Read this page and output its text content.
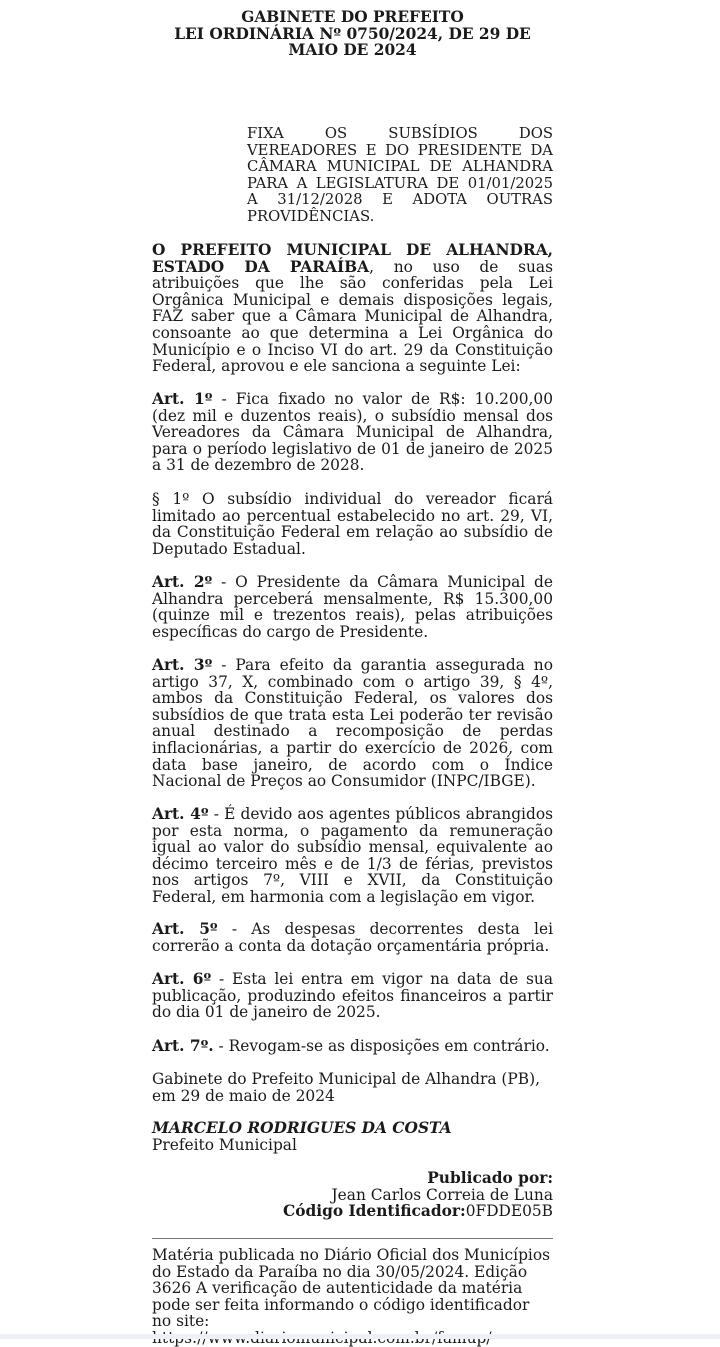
GABINETE DO PREFEITO
LEI ORDINÁRIA Nº 0750/2024, DE 29 DE MAIO DE 2024
FIXA OS SUBSÍDIOS DOS VEREADORES E DO PRESIDENTE DA CÂMARA MUNICIPAL DE ALHANDRA PARA A LEGISLATURA DE 01/01/2025 A 31/12/2028 E ADOTA OUTRAS PROVIDÊNCIAS.

O PREFEITO MUNICIPAL DE ALHANDRA, ESTADO DA PARAÍBA, no uso de suas atribuições que lhe são conferidas pela Lei Orgânica Municipal e demais disposições legais, FAZ saber que a Câmara Municipal de Alhandra, consoante ao que determina a Lei Orgânica do Município e o Inciso VI do art. 29 da Constituição Federal, aprovou e ele sanciona a seguinte Lei:

Art. 1º - Fica fixado no valor de R$: 10.200,00 (dez mil e duzentos reais), o subsídio mensal dos Vereadores da Câmara Municipal de Alhandra, para o período legislativo de 01 de janeiro de 2025 a 31 de dezembro de 2028.

§ 1º O subsídio individual do vereador ficará limitado ao percentual estabelecido no art. 29, VI, da Constituição Federal em relação ao subsídio de Deputado Estadual.

Art. 2º - O Presidente da Câmara Municipal de Alhandra perceberá mensalmente, R$ 15.300,00 (quinze mil e trezentos reais), pelas atribuições específicas do cargo de Presidente.

Art. 3º - Para efeito da garantia assegurada no artigo 37, X, combinado com o artigo 39, § 4º, ambos da Constituição Federal, os valores dos subsídios de que trata esta Lei poderão ter revisão anual destinado a recomposição de perdas inflacionárias, a partir do exercício de 2026, com data base janeiro, de acordo com o Índice Nacional de Preços ao Consumidor (INPC/IBGE).

Art. 4º - É devido aos agentes públicos abrangidos por esta norma, o pagamento da remuneração igual ao valor do subsídio mensal, equivalente ao décimo terceiro mês e de 1/3 de férias, previstos nos artigos 7º, VIII e XVII, da Constituição Federal, em harmonia com a legislação em vigor.

Art. 5º - As despesas decorrentes desta lei correrão a conta da dotação orçamentária própria.

Art. 6º - Esta lei entra em vigor na data de sua publicação, produzindo efeitos financeiros a partir do dia 01 de janeiro de 2025.

Art. 7º. - Revogam-se as disposições em contrário.

Gabinete do Prefeito Municipal de Alhandra (PB), em 29 de maio de 2024

MARCELO RODRIGUES DA COSTA
Prefeito Municipal
Publicado por:
Jean Carlos Correia de Luna
Código Identificador:0FDDE05B
Matéria publicada no Diário Oficial dos Municípios do Estado da Paraíba no dia 30/05/2024. Edição 3626 A verificação de autenticidade da matéria pode ser feita informando o código identificador no site:
